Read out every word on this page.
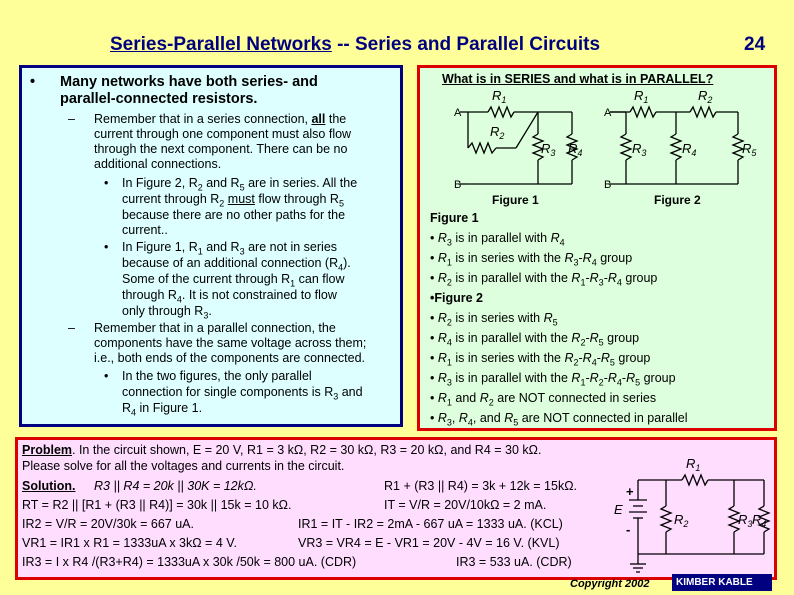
Series-Parallel Networks -- Series and Parallel Circuits	24
• Many networks have both series- and
parallel-connected resistors.
– Remember that in a series connection, all the
current through one component must also flow
through the next component. There can be no
additional connections.
• In Figure 2, $R_2$ and $R_5$ are in series. All the
current through $R_2$ must flow through $R_5$
because there are no other paths for the
current..
• In Figure 1, $R_1$ and $R_3$ are not in series
because of an additional connection $(R_4)$.
Some of the current through $R_1$ can flow
through $R_4$. It is not constrained to flow
only through $R_3$.
– Remember that in a parallel connection, the
components have the same voltage across them;
i.e., both ends of the components are connected.
• In the two figures, the only parallel
connection for single components is $R_3$ and
$R_4$ in Figure 1.
What is in SERIES and what is in PARALLEL?
A
B
A
B
$R_1$
$R_2$
$R_3$ $R_4$
$R_1$	$R_2$
$R_3$	$R_4$	$R_5$
Figure 1	Figure 2
Figure 1
• $R_3$ is in parallel with $R_4$
• $R_1$ is in series with the $R_3-R_4$ group
• $R_2$ is in parallel with the $R_1-R_3-R_4$ group
•Figure 2
• $R_2$ is in series with $R_5$
• $R_4$ is in parallel with the $R_2-R_5$ group
• $R_1$ is in series with the $R_2-R_4-R_5$ group
• $R_3$ is in parallel with the $R_1-R_2-R_4-R_5$ group
• $R_1$ and $R_2$ are NOT connected in series
• $R_3$, $R_4$, and $R_5$ are NOT connected in parallel
Problem. In the circuit shown, E = 20 V, R1 = 3 kΩ, R2 = 30 kΩ, R3 = 20 kΩ, and R4 = 30 kΩ.
Please solve for all the voltages and currents in the circuit.
Solution. R3 || R4 = 20k || 30K = 12kΩ.	R1 + (R3 || R4) = 3k + 12k = 15kΩ.
RT = R2 || [R1 + (R3 || R4)] = 30k || 15k = 10 kΩ.	IT = V/R = 20V/10kΩ = 2 mA.
IR2 = V/R = 20V/30k = 667 uA.	IR1 = IT - IR2 = 2mA - 667 uA = 1333 uA. (KCL)
VR1 = IR1 x R1 = 1333uA x 3kΩ = 4 V.	VR3 = VR4 = E - VR1 = 20V - 4V = 16 V. (KVL)
IR3 = I x R4 /(R3+R4) = 1333uA x 30k /50k = 800 uA. (CDR)	IR3 = 533 uA. (CDR)
+
-
E
$R_1$
$R_2$	$R_3$ $R_4$
Copyright 2002	KIMBER KABLE
